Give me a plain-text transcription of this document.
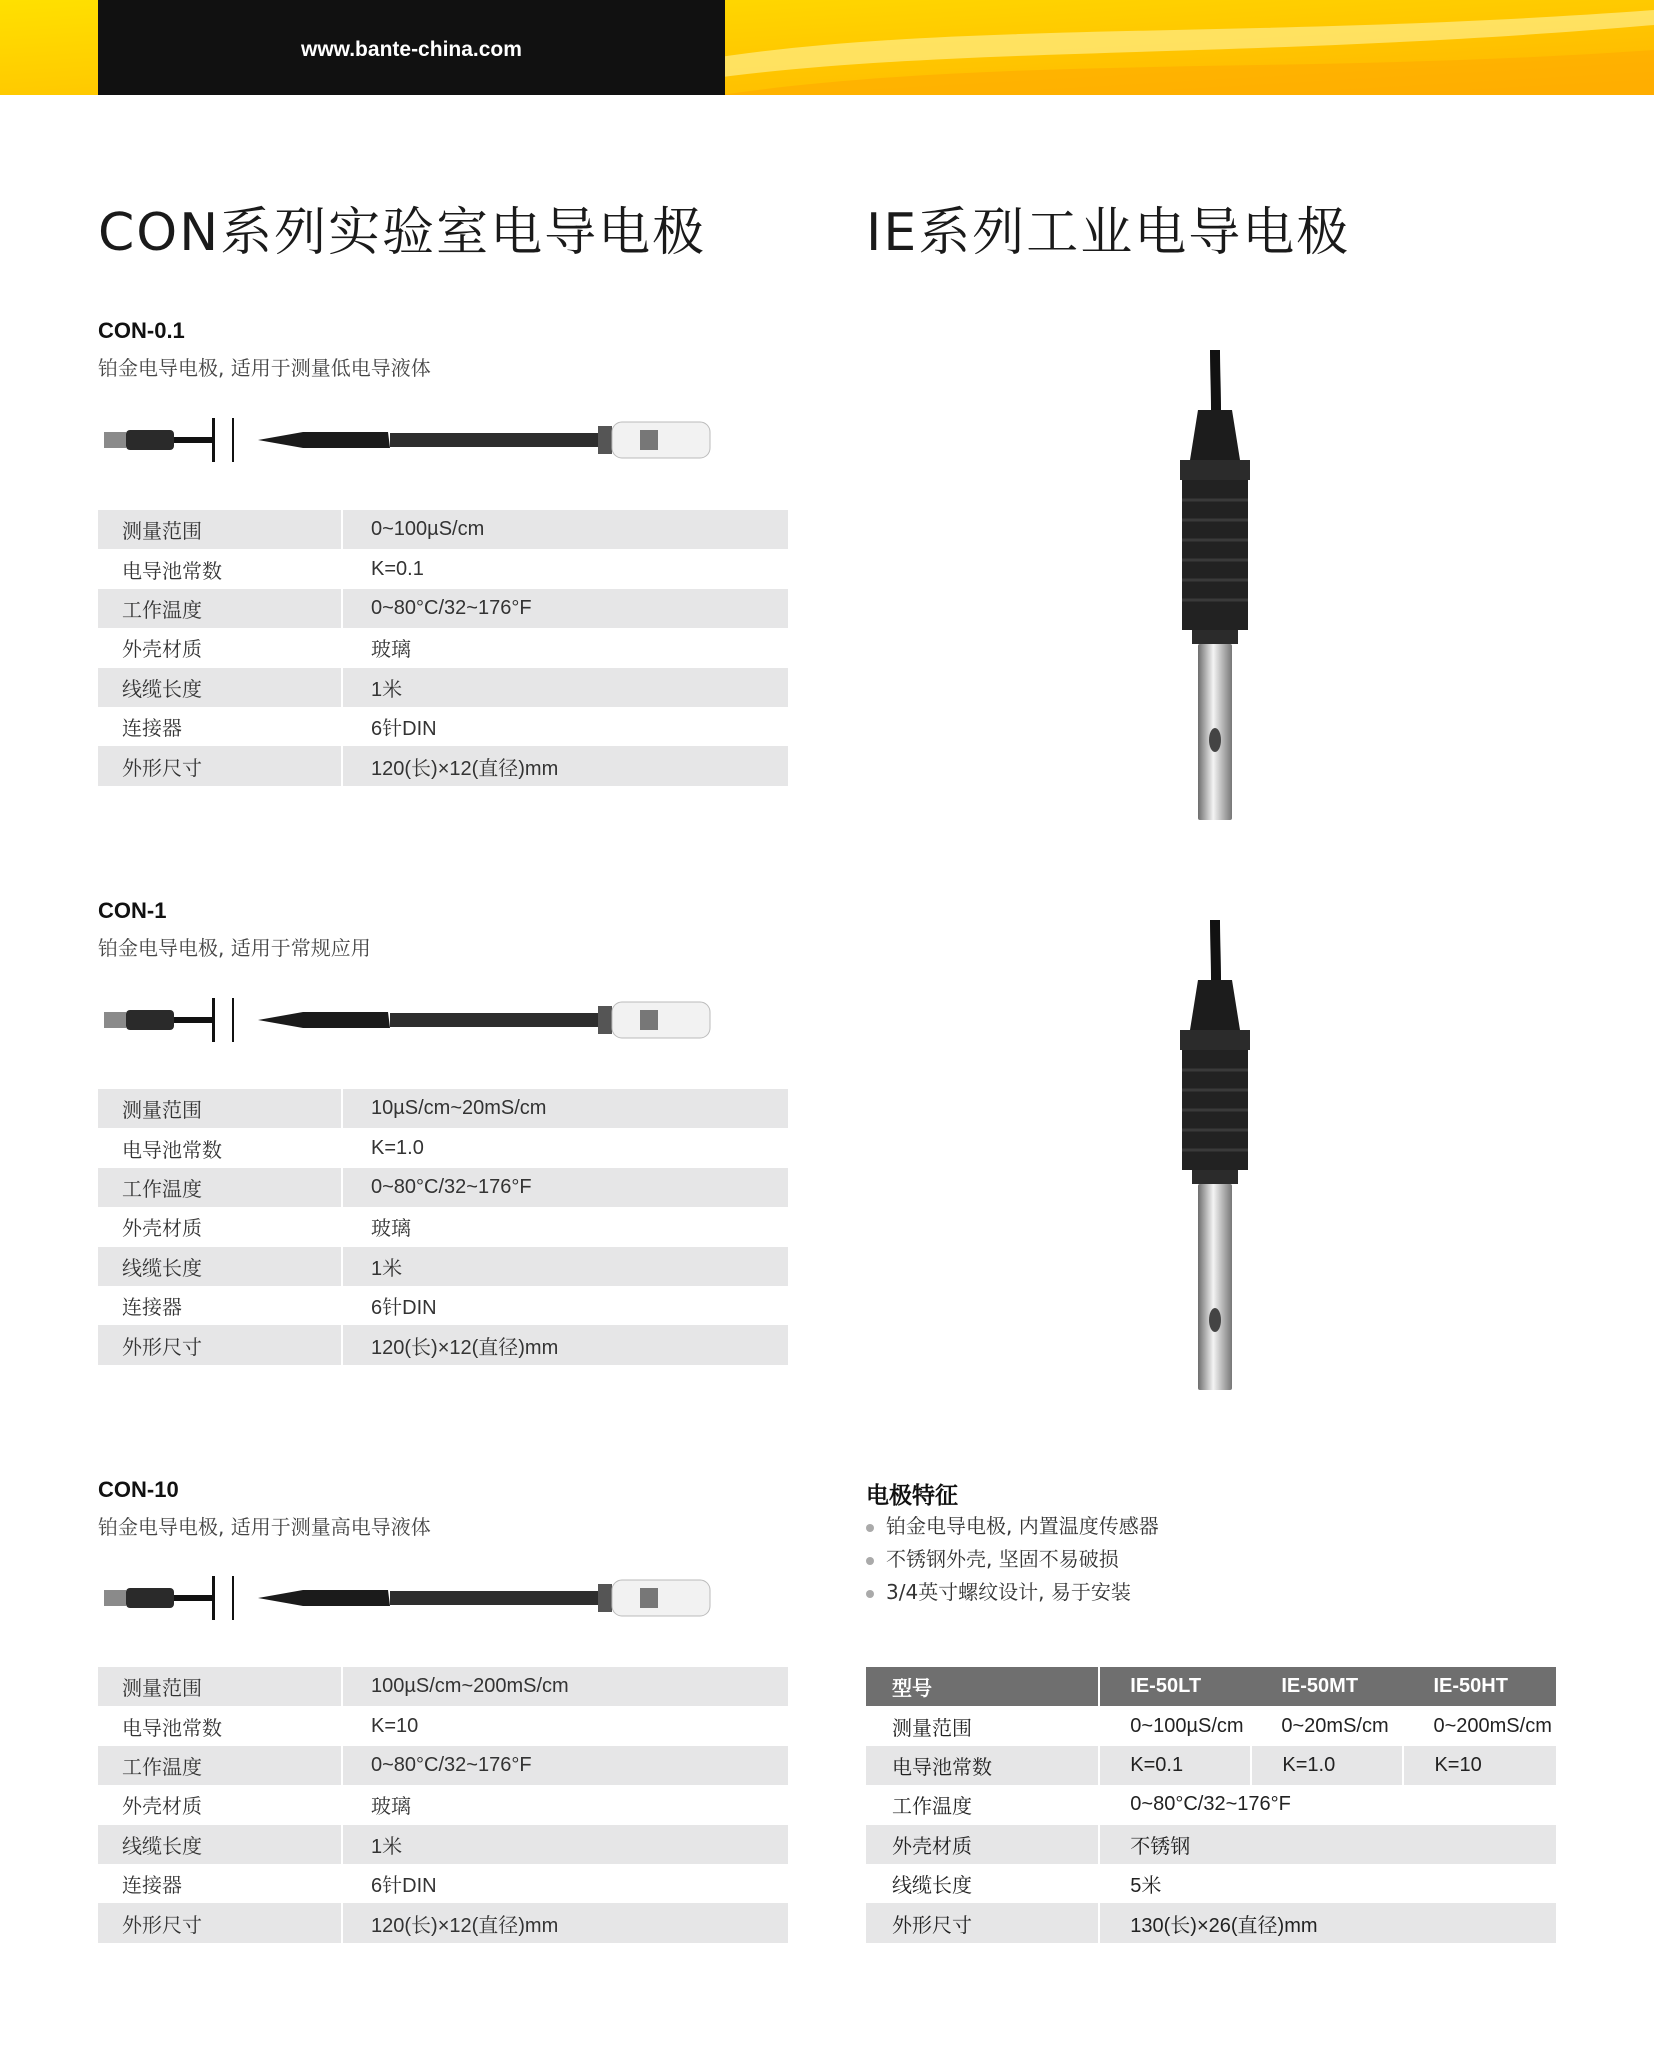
www.bante-china.com
CON系列实验室电导电极	IE系列工业电导电极
CON-0.1
铂金电导电极, 适用于测量低电导液体
测量范围	0~100µS/cm
电导池常数	K=0.1
工作温度	0~80°C/32~176°F
外壳材质	玻璃
线缆长度	1米
连接器	6针DIN
外形尺寸	120(长)×12(直径)mm
CON-1
铂金电导电极, 适用于常规应用
测量范围	10µS/cm~20mS/cm
电导池常数	K=1.0
工作温度	0~80°C/32~176°F
外壳材质	玻璃
线缆长度	1米
连接器	6针DIN
外形尺寸	120(长)×12(直径)mm
CON-10
铂金电导电极, 适用于测量高电导液体
测量范围	100µS/cm~200mS/cm
电导池常数	K=10
工作温度	0~80°C/32~176°F
外壳材质	玻璃
线缆长度	1米
连接器	6针DIN
外形尺寸	120(长)×12(直径)mm
电极特征
铂金电导电极, 内置温度传感器
不锈钢外壳, 坚固不易破损
3/4英寸螺纹设计, 易于安装
型号	IE-50LT	IE-50MT	IE-50HT
测量范围	0~100µS/cm	0~20mS/cm	0~200mS/cm
电导池常数	K=0.1	K=1.0	K=10
工作温度	0~80°C/32~176°F		
外壳材质	不锈钢		
线缆长度	5米		
外形尺寸	130(长)×26(直径)mm		
